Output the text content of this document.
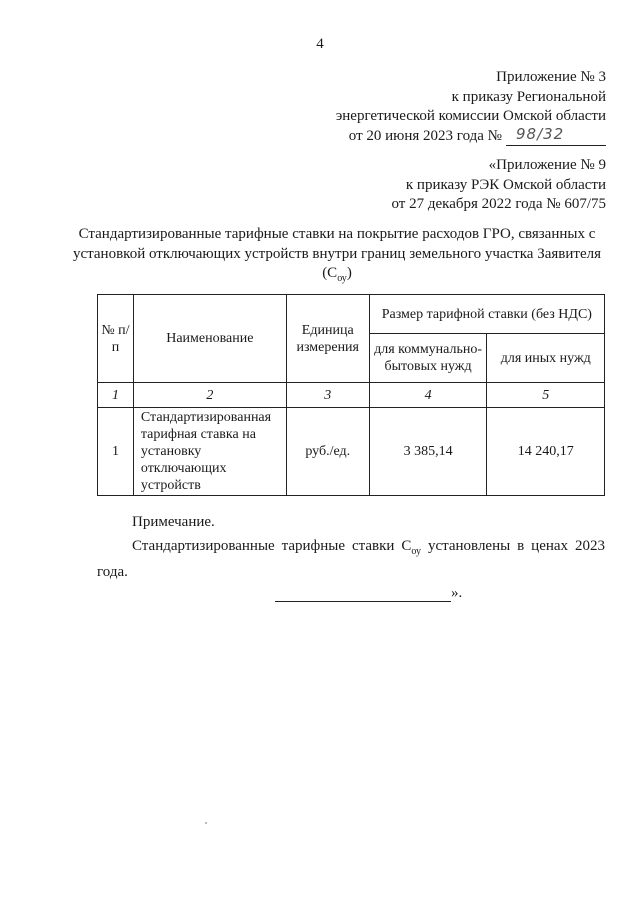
4
Приложение № 3
к приказу Региональной
энергетической комиссии Омской области
от 20 июня 2023 года № 98/32
«Приложение № 9
к приказу РЭК Омской области
от 27 декабря 2022 года № 607/75
Стандартизированные тарифные ставки на покрытие расходов ГРО, связанных с установкой отключающих устройств внутри границ земельного участка Заявителя $(С_{оу})$
№ п/п	Наименование	Единица измерения	Размер тарифной ставки (без НДС)	
			для коммунально-бытовых нужд	для иных нужд
1	2	3	4	5
1	Стандартизированная тарифная ставка на установку отключающих устройств	руб./ед.	3 385,14	14 240,17
Примечание.
Стандартизированные тарифные ставки $С_{оу}$ установлены в ценах 2023 года.
».
